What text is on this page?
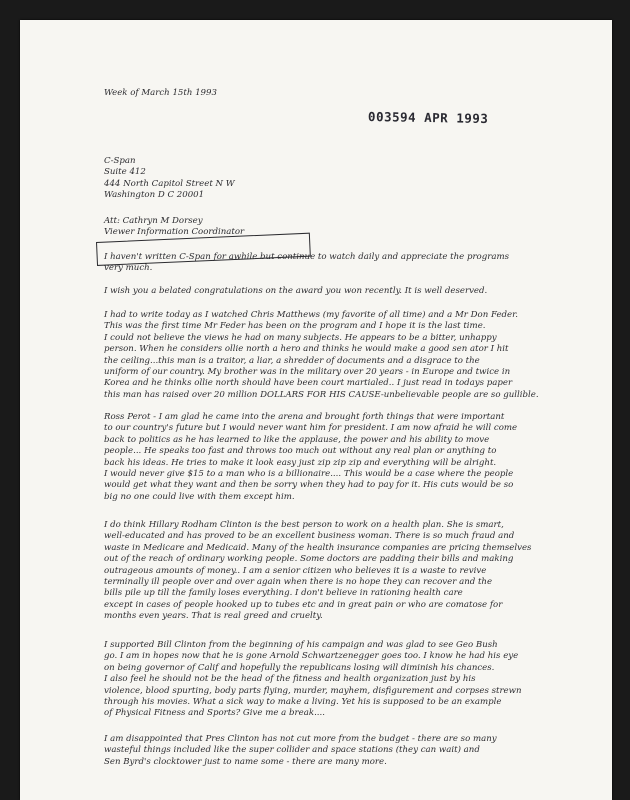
Week of March 15th 1993
003594 APR 1993
C-Span
Suite 412
444 North Capitol Street N W
Washington D C 20001
Att: Cathryn M Dorsey
Viewer Information Coordinator
I haven't written C-Span for awhile but continue to watch daily and appreciate the programs
very much.
I wish you a belated congratulations on the award you won recently. It is well deserved.
I had to write today as I watched Chris Matthews (my favorite of all time) and a Mr Don Feder.
This was the first time Mr Feder has been on the program and I hope it is the last time.
I could not believe the views he had on many subjects. He appears to be a bitter, unhappy
person. When he considers ollie north a hero and thinks he would make a good sen ator I hit
the ceiling...this man is a traitor, a liar, a shredder of documents and a disgrace to the
uniform of our country. My brother was in the military over 20 years - in Europe and twice in
Korea and he thinks ollie north should have been court martialed.. I just read in todays paper
this man has raised over 20 million DOLLARS FOR HIS CAUSE-unbelievable people are so gullible.
Ross Perot - I am glad he came into the arena and brought forth things that were important
to our country's future but I would never want him for president. I am now afraid he will come
back to politics as he has learned to like the applause, the power and his ability to move
people... He speaks too fast and throws too much out without any real plan or anything to
back his ideas. He tries to make it look easy just zip zip zip and everything will be alright.
I would never give $15 to a man who is a billionaire.... This would be a case where the people
would get what they want and then be sorry when they had to pay for it. His cuts would be so
big no one could live with them except him.
I do think Hillary Rodham Clinton is the best person to work on a health plan. She is smart,
well-educated and has proved to be an excellent business woman. There is so much fraud and
waste in Medicare and Medicaid. Many of the health insurance companies are pricing themselves
out of the reach of ordinary working people. Some doctors are padding their bills and making
outrageous amounts of money.. I am a senior citizen who believes it is a waste to revive
terminally ill people over and over again when there is no hope they can recover and the
bills pile up till the family loses everything. I don't believe in rationing health care
except in cases of people hooked up to tubes etc and in great pain or who are comatose for
months even years. That is real greed and cruelty.
I supported Bill Clinton from the beginning of his campaign and was glad to see Geo Bush
go. I am in hopes now that he is gone Arnold Schwartzenegger goes too. I know he had his eye
on being governor of Calif and hopefully the republicans losing will diminish his chances.
I also feel he should not be the head of the fitness and health organization just by his
violence, blood spurting, body parts flying, murder, mayhem, disfigurement and corpses strewn
through his movies. What a sick way to make a living. Yet his is supposed to be an example
of Physical Fitness and Sports? Give me a break....
I am disappointed that Pres Clinton has not cut more from the budget - there are so many
wasteful things included like the super collider and space stations (they can wait) and
Sen Byrd's clocktower just to name some - there are many more.
